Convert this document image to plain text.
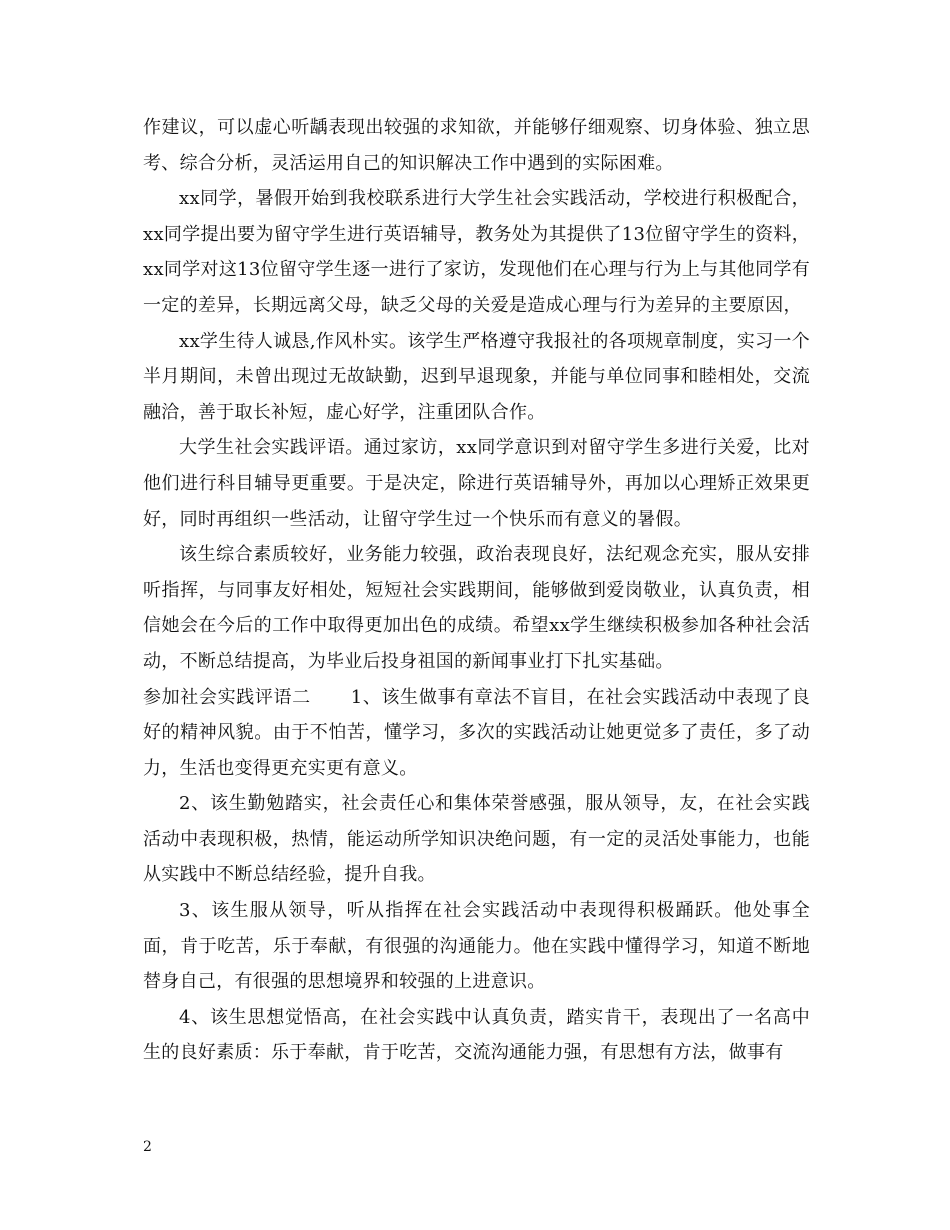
作建议，可以虚心听龋表现出较强的求知欲，并能够仔细观察、切身体验、独立思考、综合分析，灵活运用自己的知识解决工作中遇到的实际困难。

xx同学，暑假开始到我校联系进行大学生社会实践活动，学校进行积极配合，xx同学提出要为留守学生进行英语辅导，教务处为其提供了13位留守学生的资料，xx同学对这13位留守学生逐一进行了家访，发现他们在心理与行为上与其他同学有一定的差异，长期远离父母，缺乏父母的关爱是造成心理与行为差异的主要原因，

xx学生待人诚恳,作风朴实。该学生严格遵守我报社的各项规章制度，实习一个半月期间，未曾出现过无故缺勤，迟到早退现象，并能与单位同事和睦相处，交流融洽，善于取长补短，虚心好学，注重团队合作。

大学生社会实践评语。通过家访，xx同学意识到对留守学生多进行关爱，比对他们进行科目辅导更重要。于是决定，除进行英语辅导外，再加以心理矫正效果更好，同时再组织一些活动，让留守学生过一个快乐而有意义的暑假。

该生综合素质较好，业务能力较强，政治表现良好，法纪观念充实，服从安排听指挥，与同事友好相处，短短社会实践期间，能够做到爱岗敬业，认真负责，相信她会在今后的工作中取得更加出色的成绩。希望xx学生继续积极参加各种社会活动，不断总结提高，为毕业后投身祖国的新闻事业打下扎实基础。

参加社会实践评语二 1、该生做事有章法不盲目，在社会实践活动中表现了良好的精神风貌。由于不怕苦，懂学习，多次的实践活动让她更觉多了责任，多了动力，生活也变得更充实更有意义。

2、该生勤勉踏实，社会责任心和集体荣誉感强，服从领导，友，在社会实践活动中表现积极，热情，能运动所学知识决绝问题，有一定的灵活处事能力，也能从实践中不断总结经验，提升自我。

3、该生服从领导，听从指挥在社会实践活动中表现得积极踊跃。他处事全面，肯于吃苦，乐于奉献，有很强的沟通能力。他在实践中懂得学习，知道不断地替身自己，有很强的思想境界和较强的上进意识。

4、该生思想觉悟高，在社会实践中认真负责，踏实肯干，表现出了一名高中生的良好素质：乐于奉献，肯于吃苦，交流沟通能力强，有思想有方法，做事有

2
